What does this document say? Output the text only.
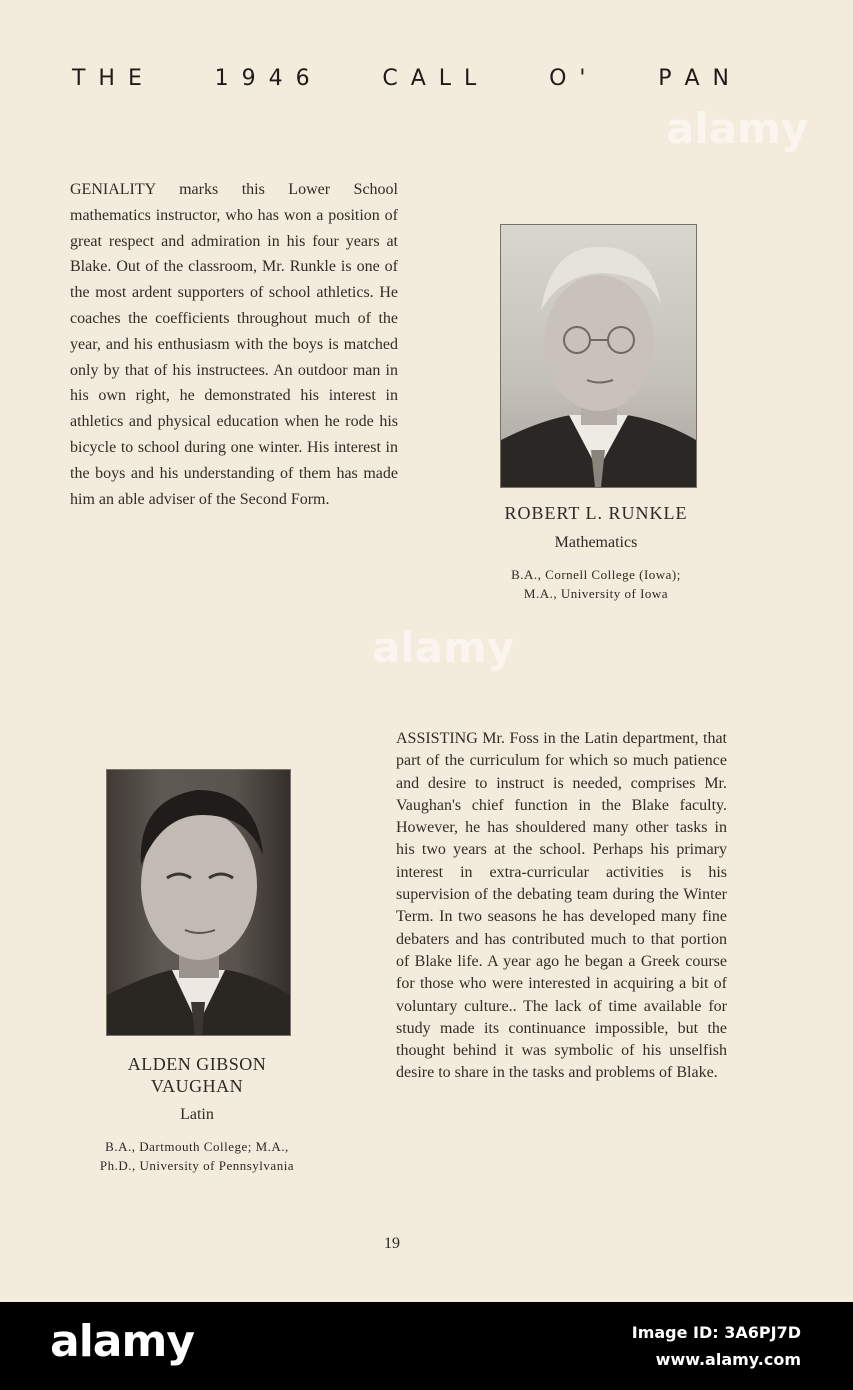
T H E	1 9 4 6	C A L L	O '	P A N
GENIALITY marks this Lower School mathematics instructor, who has won a position of great respect and admiration in his four years at Blake. Out of the classroom, Mr. Runkle is one of the most ardent supporters of school athletics. He coaches the coefficients throughout much of the year, and his enthusiasm with the boys is matched only by that of his instructees. An outdoor man in his own right, he demonstrated his interest in athletics and physical education when he rode his bicycle to school during one winter. His interest in the boys and his understanding of them has made him an able adviser of the Second Form.
ROBERT L. RUNKLE
Mathematics
B.A., Cornell College (Iowa);
M.A., University of Iowa
ALDEN GIBSON
VAUGHAN
Latin
B.A., Dartmouth College; M.A.,
Ph.D., University of Pennsylvania
ASSISTING Mr. Foss in the Latin department, that part of the curriculum for which so much patience and desire to instruct is needed, comprises Mr. Vaughan's chief function in the Blake faculty. However, he has shouldered many other tasks in his two years at the school. Perhaps his primary interest in extra-curricular activities is his supervision of the debating team during the Winter Term. In two seasons he has developed many fine debaters and has contributed much to that portion of Blake life. A year ago he began a Greek course for those who were interested in acquiring a bit of voluntary culture.. The lack of time available for study made its continuance impossible, but the thought behind it was symbolic of his unselfish desire to share in the tasks and problems of Blake.
19
alamy
alamy
alamy	Image ID: 3A6PJ7D
www.alamy.com
